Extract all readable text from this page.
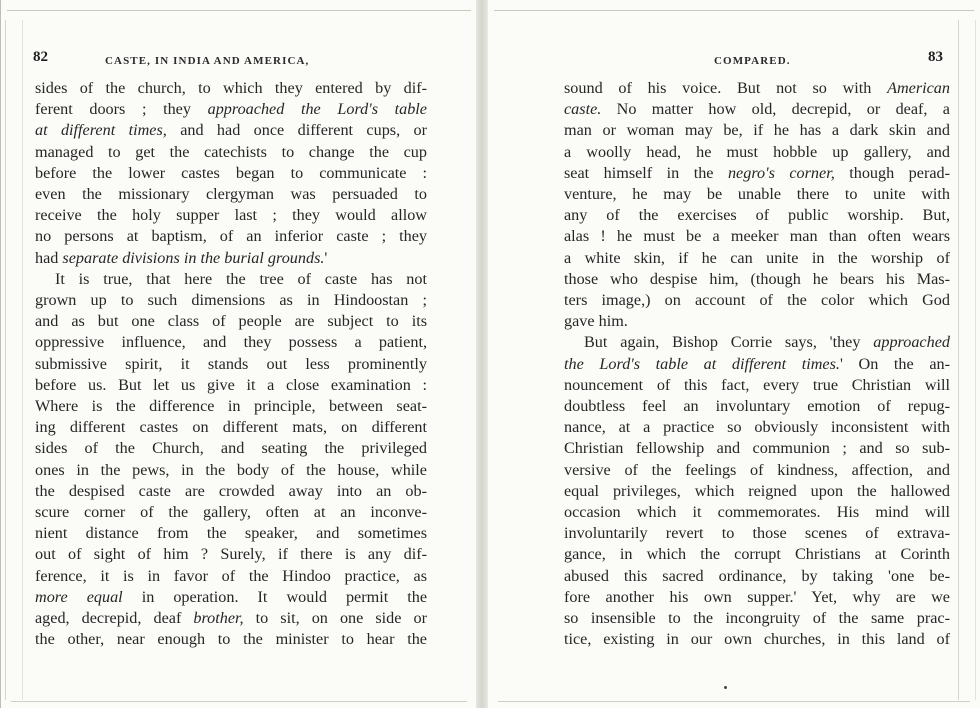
82	CASTE, IN INDIA AND AMERICA,
sides of the church, to which they entered by dif-
ferent doors ; they approached the Lord's table
at different times, and had once different cups, or
managed to get the catechists to change the cup
before the lower castes began to communicate :
even the missionary clergyman was persuaded to
receive the holy supper last ; they would allow
no persons at baptism, of an inferior caste ; they
had separate divisions in the burial grounds.'
It is true, that here the tree of caste has not
grown up to such dimensions as in Hindoostan ;
and as but one class of people are subject to its
oppressive influence, and they possess a patient,
submissive spirit, it stands out less prominently
before us. But let us give it a close examination :
Where is the difference in principle, between seat-
ing different castes on different mats, on different
sides of the Church, and seating the privileged
ones in the pews, in the body of the house, while
the despised caste are crowded away into an ob-
scure corner of the gallery, often at an inconve-
nient distance from the speaker, and sometimes
out of sight of him ? Surely, if there is any dif-
ference, it is in favor of the Hindoo practice, as
more equal in operation. It would permit the
aged, decrepid, deaf brother, to sit, on one side or
the other, near enough to the minister to hear the
COMPARED.	83
sound of his voice. But not so with American
caste. No matter how old, decrepid, or deaf, a
man or woman may be, if he has a dark skin and
a woolly head, he must hobble up gallery, and
seat himself in the negro's corner, though perad-
venture, he may be unable there to unite with
any of the exercises of public worship. But,
alas ! he must be a meeker man than often wears
a white skin, if he can unite in the worship of
those who despise him, (though he bears his Mas-
ters image,) on account of the color which God
gave him.
But again, Bishop Corrie says, 'they approached
the Lord's table at different times.' On the an-
nouncement of this fact, every true Christian will
doubtless feel an involuntary emotion of repug-
nance, at a practice so obviously inconsistent with
Christian fellowship and communion ; and so sub-
versive of the feelings of kindness, affection, and
equal privileges, which reigned upon the hallowed
occasion which it commemorates. His mind will
involuntarily revert to those scenes of extrava-
gance, in which the corrupt Christians at Corinth
abused this sacred ordinance, by taking 'one be-
fore another his own supper.' Yet, why are we
so insensible to the incongruity of the same prac-
tice, existing in our own churches, in this land of
